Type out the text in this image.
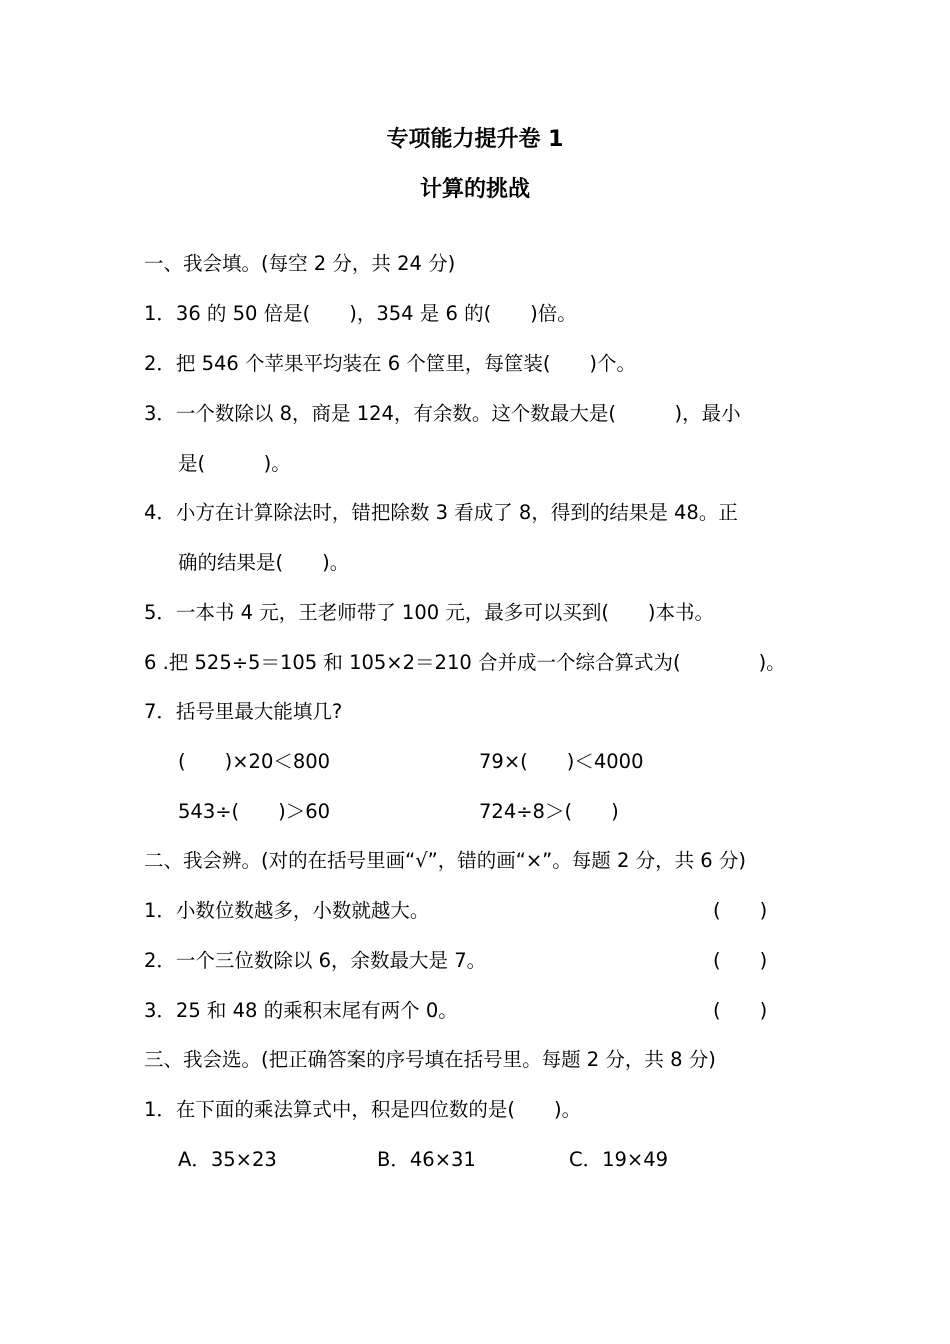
专项能力提升卷 1
计算的挑战
一、我会填。(每空 2 分，共 24 分)
1．36 的 50 倍是(　　)，354 是 6 的(　　)倍。
2．把 546 个苹果平均装在 6 个筐里，每筐装(　　)个。
3．一个数除以 8，商是 124，有余数。这个数最大是(　　　)，最小
是(　　　)。
4．小方在计算除法时，错把除数 3 看成了 8，得到的结果是 48。正
确的结果是(　　)。
5．一本书 4 元，王老师带了 100 元，最多可以买到(　　)本书。
6 .把 525÷5＝105 和 105×2＝210 合并成一个综合算式为(　　　　)。
7．括号里最大能填几?
(　　)×20＜800	79×(　　)＜4000
543÷(　　)＞60	724÷8＞(　　)
二、我会辨。(对的在括号里画“√”，错的画“×”。每题 2 分，共 6 分)
1．小数位数越多，小数就越大。	(　　)
2．一个三位数除以 6，余数最大是 7。	(　　)
3．25 和 48 的乘积末尾有两个 0。	(　　)
三、我会选。(把正确答案的序号填在括号里。每题 2 分，共 8 分)
1．在下面的乘法算式中，积是四位数的是(　　)。
A．35×23	B．46×31	C．19×49
